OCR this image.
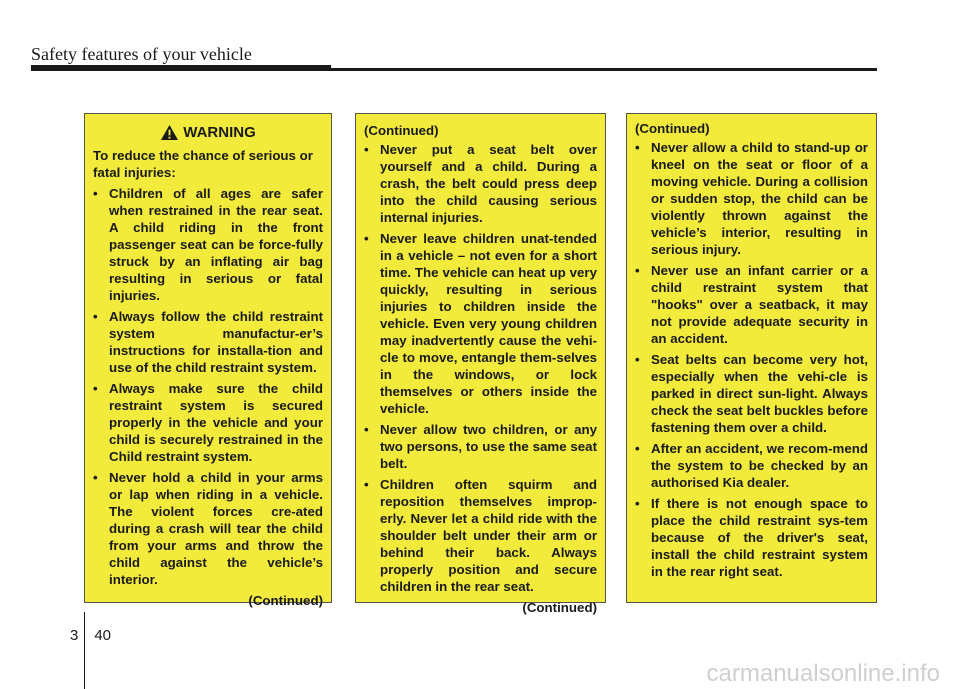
Safety features of your vehicle
WARNING
To reduce the chance of serious or fatal injuries:
• Children of all ages are safer when restrained in the rear seat. A child riding in the front passenger seat can be force-fully struck by an inflating air bag resulting in serious or fatal injuries.
• Always follow the child restraint system manufactur-er’s instructions for installa-tion and use of the child restraint system.
• Always make sure the child restraint system is secured properly in the vehicle and your child is securely restrained in the Child restraint system.
• Never hold a child in your arms or lap when riding in a vehicle. The violent forces cre-ated during a crash will tear the child from your arms and throw the child against the vehicle’s interior.
(Continued)
(Continued)
• Never put a seat belt over yourself and a child. During a crash, the belt could press deep into the child causing serious internal injuries.
• Never leave children unat-tended in a vehicle – not even for a short time. The vehicle can heat up very quickly, resulting in serious injuries to children inside the vehicle. Even very young children may inadvertently cause the vehi-cle to move, entangle them-selves in the windows, or lock themselves or others inside the vehicle.
• Never allow two children, or any two persons, to use the same seat belt.
• Children often squirm and reposition themselves improp-erly. Never let a child ride with the shoulder belt under their arm or behind their back. Always properly position and secure children in the rear seat.
(Continued)
(Continued)
• Never allow a child to stand-up or kneel on the seat or floor of a moving vehicle. During a collision or sudden stop, the child can be violently thrown against the vehicle’s interior, resulting in serious injury.
• Never use an infant carrier or a child restraint system that "hooks" over a seatback, it may not provide adequate security in an accident.
• Seat belts can become very hot, especially when the vehi-cle is parked in direct sun-light. Always check the seat belt buckles before fastening them over a child.
• After an accident, we recom-mend the system to be checked by an authorised Kia dealer.
• If there is not enough space to place the child restraint sys-tem because of the driver's seat, install the child restraint system in the rear right seat.
3 40
carmanualsonline.info
